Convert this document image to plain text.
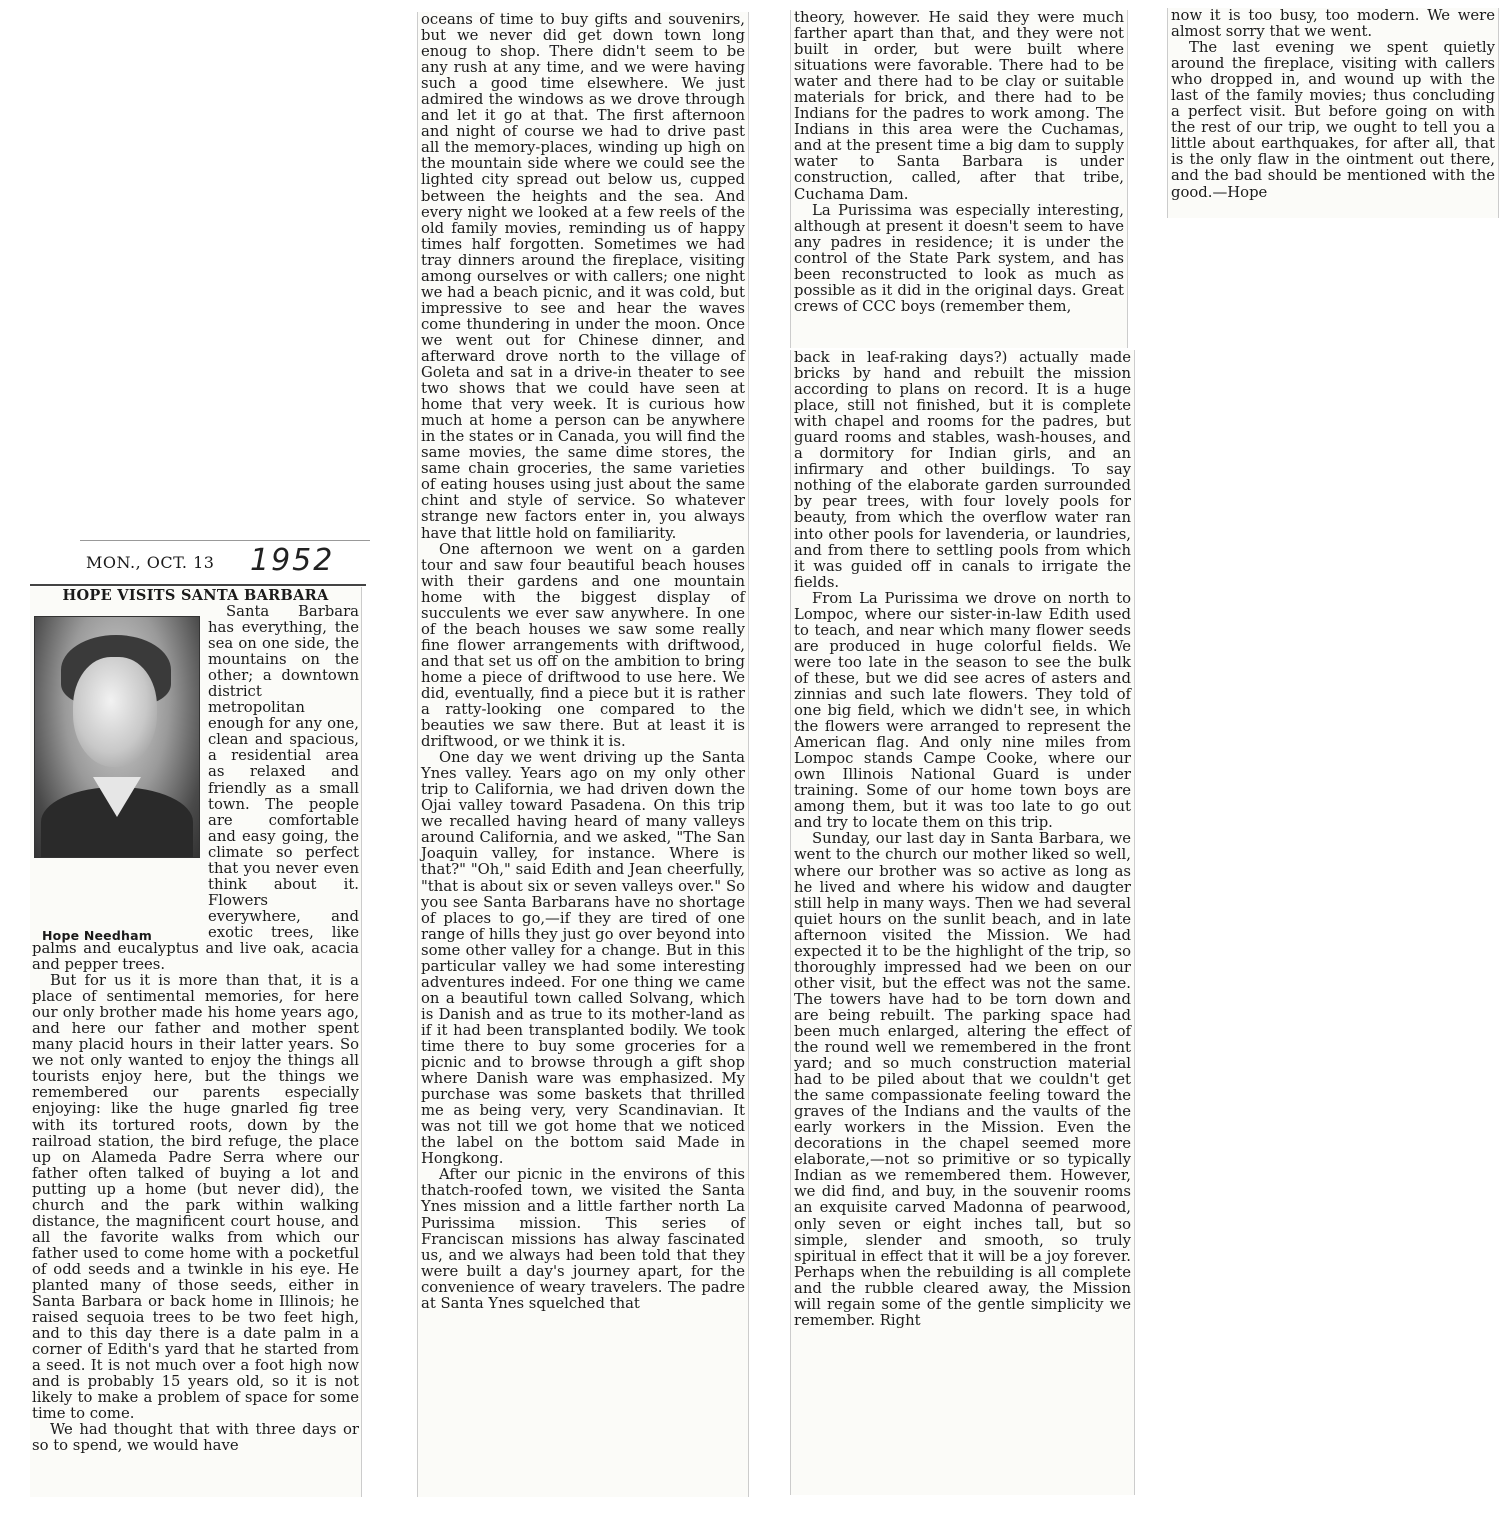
MON., OCT. 13 1952

HOPE VISITS SANTA BARBARA

Hope Needham

Santa Barbara has everything, the sea on one side, the mountains on the other; a downtown district metropolitan enough for any one, clean and spacious, a residential area as relaxed and friendly as a small town. The people are comfortable and easy going, the climate so perfect that you never even think about it. Flowers everywhere, and exotic trees, like palms and eucalyptus and live oak, acacia and pepper trees.

But for us it is more than that, it is a place of sentimental memories, for here our only brother made his home years ago, and here our father and mother spent many placid hours in their latter years. So we not only wanted to enjoy the things all tourists enjoy here, but the things we remembered our parents especially enjoying: like the huge gnarled fig tree with its tortured roots, down by the railroad station, the bird refuge, the place up on Alameda Padre Serra where our father often talked of buying a lot and putting up a home (but never did), the church and the park within walking distance, the magnificent court house, and all the favorite walks from which our father used to come home with a pocketful of odd seeds and a twinkle in his eye. He planted many of those seeds, either in Santa Barbara or back home in Illinois; he raised sequoia trees to be two feet high, and to this day there is a date palm in a corner of Edith's yard that he started from a seed. It is not much over a foot high now and is probably 15 years old, so it is not likely to make a problem of space for some time to come.

We had thought that with three days or so to spend, we would have

oceans of time to buy gifts and souvenirs, but we never did get down town long enoug to shop. There didn't seem to be any rush at any time, and we were having such a good time elsewhere. We just admired the windows as we drove through and let it go at that. The first afternoon and night of course we had to drive past all the memory-places, winding up high on the mountain side where we could see the lighted city spread out below us, cupped between the heights and the sea. And every night we looked at a few reels of the old family movies, reminding us of happy times half forgotten. Sometimes we had tray dinners around the fireplace, visiting among ourselves or with callers; one night we had a beach picnic, and it was cold, but impressive to see and hear the waves come thundering in under the moon. Once we went out for Chinese dinner, and afterward drove north to the village of Goleta and sat in a drive-in theater to see two shows that we could have seen at home that very week. It is curious how much at home a person can be anywhere in the states or in Canada, you will find the same movies, the same dime stores, the same chain groceries, the same varieties of eating houses using just about the same chint and style of service. So whatever strange new factors enter in, you always have that little hold on familiarity.

One afternoon we went on a garden tour and saw four beautiful beach houses with their gardens and one mountain home with the biggest display of succulents we ever saw anywhere. In one of the beach houses we saw some really fine flower arrangements with driftwood, and that set us off on the ambition to bring home a piece of driftwood to use here. We did, eventually, find a piece but it is rather a ratty-looking one compared to the beauties we saw there. But at least it is driftwood, or we think it is.

One day we went driving up the Santa Ynes valley. Years ago on my only other trip to California, we had driven down the Ojai valley toward Pasadena. On this trip we recalled having heard of many valleys around California, and we asked, "The San Joaquin valley, for instance. Where is that?" "Oh," said Edith and Jean cheerfully, "that is about six or seven valleys over." So you see Santa Barbarans have no shortage of places to go,—if they are tired of one range of hills they just go over beyond into some other valley for a change. But in this particular valley we had some interesting adventures indeed. For one thing we came on a beautiful town called Solvang, which is Danish and as true to its mother-land as if it had been transplanted bodily. We took time there to buy some groceries for a picnic and to browse through a gift shop where Danish ware was emphasized. My purchase was some baskets that thrilled me as being very, very Scandinavian. It was not till we got home that we noticed the label on the bottom said Made in Hongkong.

After our picnic in the environs of this thatch-roofed town, we visited the Santa Ynes mission and a little farther north La Purissima mission. This series of Franciscan missions has alway fascinated us, and we always had been told that they were built a day's journey apart, for the convenience of weary travelers. The padre at Santa Ynes squelched that

theory, however. He said they were much farther apart than that, and they were not built in order, but were built where situations were favorable. There had to be water and there had to be clay or suitable materials for brick, and there had to be Indians for the padres to work among. The Indians in this area were the Cuchamas, and at the present time a big dam to supply water to Santa Barbara is under construction, called, after that tribe, Cuchama Dam.

La Purissima was especially interesting, although at present it doesn't seem to have any padres in residence; it is under the control of the State Park system, and has been reconstructed to look as much as possible as it did in the original days. Great crews of CCC boys (remember them,

back in leaf-raking days?) actually made bricks by hand and rebuilt the mission according to plans on record. It is a huge place, still not finished, but it is complete with chapel and rooms for the padres, but guard rooms and stables, wash-houses, and a dormitory for Indian girls, and an infirmary and other buildings. To say nothing of the elaborate garden surrounded by pear trees, with four lovely pools for beauty, from which the overflow water ran into other pools for lavenderia, or laundries, and from there to settling pools from which it was guided off in canals to irrigate the fields.

From La Purissima we drove on north to Lompoc, where our sister-in-law Edith used to teach, and near which many flower seeds are produced in huge colorful fields. We were too late in the season to see the bulk of these, but we did see acres of asters and zinnias and such late flowers. They told of one big field, which we didn't see, in which the flowers were arranged to represent the American flag. And only nine miles from Lompoc stands Campe Cooke, where our own Illinois National Guard is under training. Some of our home town boys are among them, but it was too late to go out and try to locate them on this trip.

Sunday, our last day in Santa Barbara, we went to the church our mother liked so well, where our brother was so active as long as he lived and where his widow and daugter still help in many ways. Then we had several quiet hours on the sunlit beach, and in late afternoon visited the Mission. We had expected it to be the highlight of the trip, so thoroughly impressed had we been on our other visit, but the effect was not the same. The towers have had to be torn down and are being rebuilt. The parking space had been much enlarged, altering the effect of the round well we remembered in the front yard; and so much construction material had to be piled about that we couldn't get the same compassionate feeling toward the graves of the Indians and the vaults of the early workers in the Mission. Even the decorations in the chapel seemed more elaborate,—not so primitive or so typically Indian as we remembered them. However, we did find, and buy, in the souvenir rooms an exquisite carved Madonna of pearwood, only seven or eight inches tall, but so simple, slender and smooth, so truly spiritual in effect that it will be a joy forever. Perhaps when the rebuilding is all complete and the rubble cleared away, the Mission will regain some of the gentle simplicity we remember. Right

now it is too busy, too modern. We were almost sorry that we went.

The last evening we spent quietly around the fireplace, visiting with callers who dropped in, and wound up with the last of the family movies; thus concluding a perfect visit. But before going on with the rest of our trip, we ought to tell you a little about earthquakes, for after all, that is the only flaw in the ointment out there, and the bad should be mentioned with the good.—Hope
